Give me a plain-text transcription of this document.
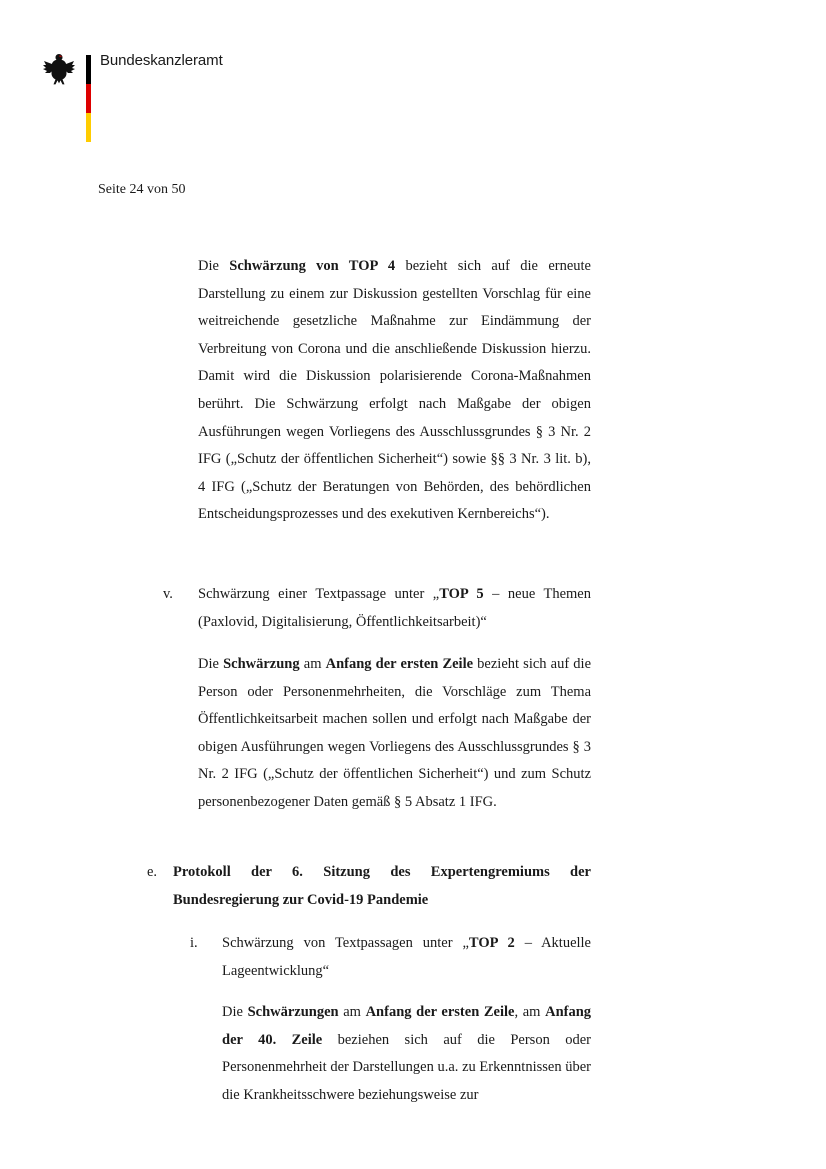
Bundeskanzleramt
Seite 24 von 50

Die Schwärzung von TOP 4 bezieht sich auf die erneute Darstellung zu einem zur Diskussion gestellten Vorschlag für eine weitreichende gesetzliche Maßnahme zur Eindämmung der Verbreitung von Corona und die anschließende Diskussion hierzu. Damit wird die Diskussion polarisierende Corona-Maßnahmen berührt. Die Schwärzung erfolgt nach Maßgabe der obigen Ausführungen wegen Vorliegens des Ausschlussgrundes § 3 Nr. 2 IFG („Schutz der öffentlichen Sicherheit“) sowie §§ 3 Nr. 3 lit. b), 4 IFG („Schutz der Beratungen von Behörden, des behördlichen Entscheidungsprozesses und des exekutiven Kernbereichs“).

v. Schwärzung einer Textpassage unter „TOP 5 – neue Themen (Paxlovid, Digitalisierung, Öffentlichkeitsarbeit)“

Die Schwärzung am Anfang der ersten Zeile bezieht sich auf die Person oder Personenmehrheiten, die Vorschläge zum Thema Öffentlichkeitsarbeit machen sollen und erfolgt nach Maßgabe der obigen Ausführungen wegen Vorliegens des Ausschlussgrundes § 3 Nr. 2 IFG („Schutz der öffentlichen Sicherheit“) und zum Schutz personenbezogener Daten gemäß § 5 Absatz 1 IFG.

e. Protokoll der 6. Sitzung des Expertengremiums der Bundesregierung zur Covid-19 Pandemie

i. Schwärzung von Textpassagen unter „TOP 2 – Aktuelle Lageentwicklung“

Die Schwärzungen am Anfang der ersten Zeile, am Anfang der 40. Zeile beziehen sich auf die Person oder Personenmehrheit der Darstellungen u.a. zu Erkenntnissen über die Krankheitsschwere beziehungsweise zur
